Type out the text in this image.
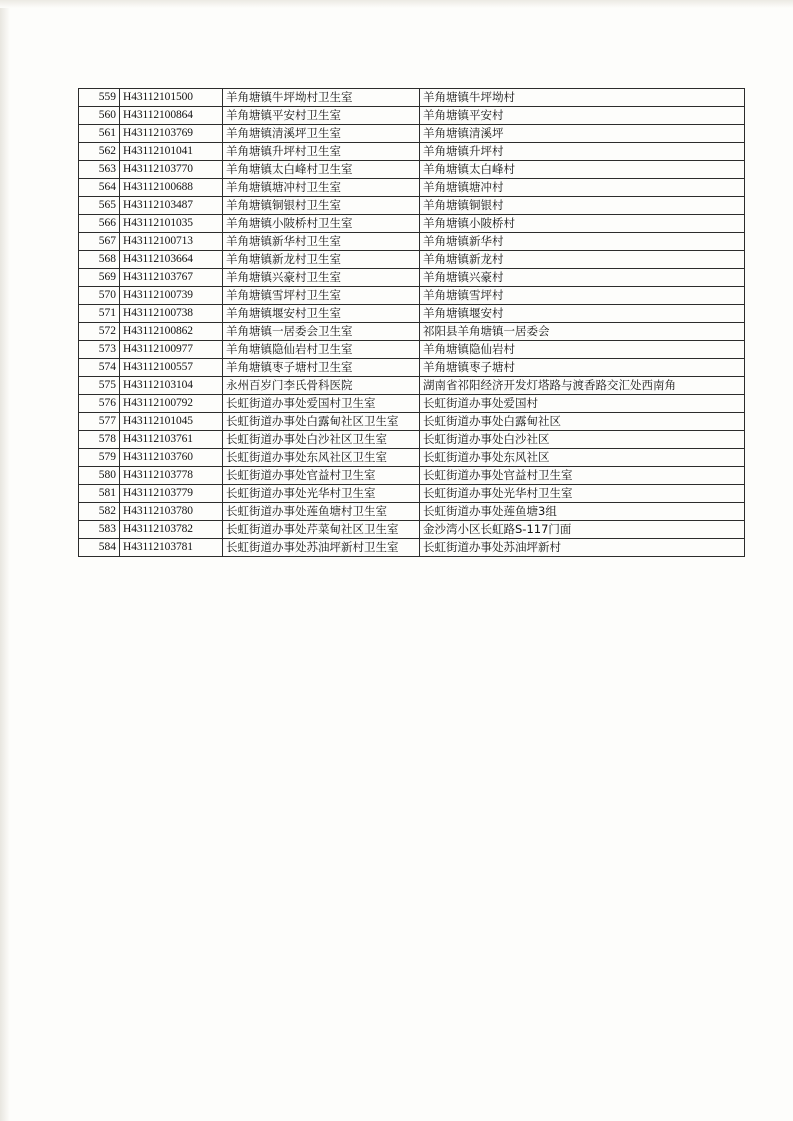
559	H43112101500	羊角塘镇牛坪坳村卫生室	羊角塘镇牛坪坳村
560	H43112100864	羊角塘镇平安村卫生室	羊角塘镇平安村
561	H43112103769	羊角塘镇清溪坪卫生室	羊角塘镇清溪坪
562	H43112101041	羊角塘镇升坪村卫生室	羊角塘镇升坪村
563	H43112103770	羊角塘镇太白峰村卫生室	羊角塘镇太白峰村
564	H43112100688	羊角塘镇塘冲村卫生室	羊角塘镇塘冲村
565	H43112103487	羊角塘镇铜银村卫生室	羊角塘镇铜银村
566	H43112101035	羊角塘镇小陂桥村卫生室	羊角塘镇小陂桥村
567	H43112100713	羊角塘镇新华村卫生室	羊角塘镇新华村
568	H43112103664	羊角塘镇新龙村卫生室	羊角塘镇新龙村
569	H43112103767	羊角塘镇兴豪村卫生室	羊角塘镇兴豪村
570	H43112100739	羊角塘镇雪坪村卫生室	羊角塘镇雪坪村
571	H43112100738	羊角塘镇堰安村卫生室	羊角塘镇堰安村
572	H43112100862	羊角塘镇一居委会卫生室	祁阳县羊角塘镇一居委会
573	H43112100977	羊角塘镇隐仙岩村卫生室	羊角塘镇隐仙岩村
574	H43112100557	羊角塘镇枣子塘村卫生室	羊角塘镇枣子塘村
575	H43112103104	永州百岁门李氏骨科医院	湖南省祁阳经济开发灯塔路与渡香路交汇处西南角
576	H43112100792	长虹街道办事处爱国村卫生室	长虹街道办事处爱国村
577	H43112101045	长虹街道办事处白露甸社区卫生室	长虹街道办事处白露甸社区
578	H43112103761	长虹街道办事处白沙社区卫生室	长虹街道办事处白沙社区
579	H43112103760	长虹街道办事处东风社区卫生室	长虹街道办事处东风社区
580	H43112103778	长虹街道办事处官益村卫生室	长虹街道办事处官益村卫生室
581	H43112103779	长虹街道办事处光华村卫生室	长虹街道办事处光华村卫生室
582	H43112103780	长虹街道办事处莲鱼塘村卫生室	长虹街道办事处莲鱼塘3组
583	H43112103782	长虹街道办事处芹菜甸社区卫生室	金沙湾小区长虹路S-117门面
584	H43112103781	长虹街道办事处苏油坪新村卫生室	长虹街道办事处苏油坪新村
